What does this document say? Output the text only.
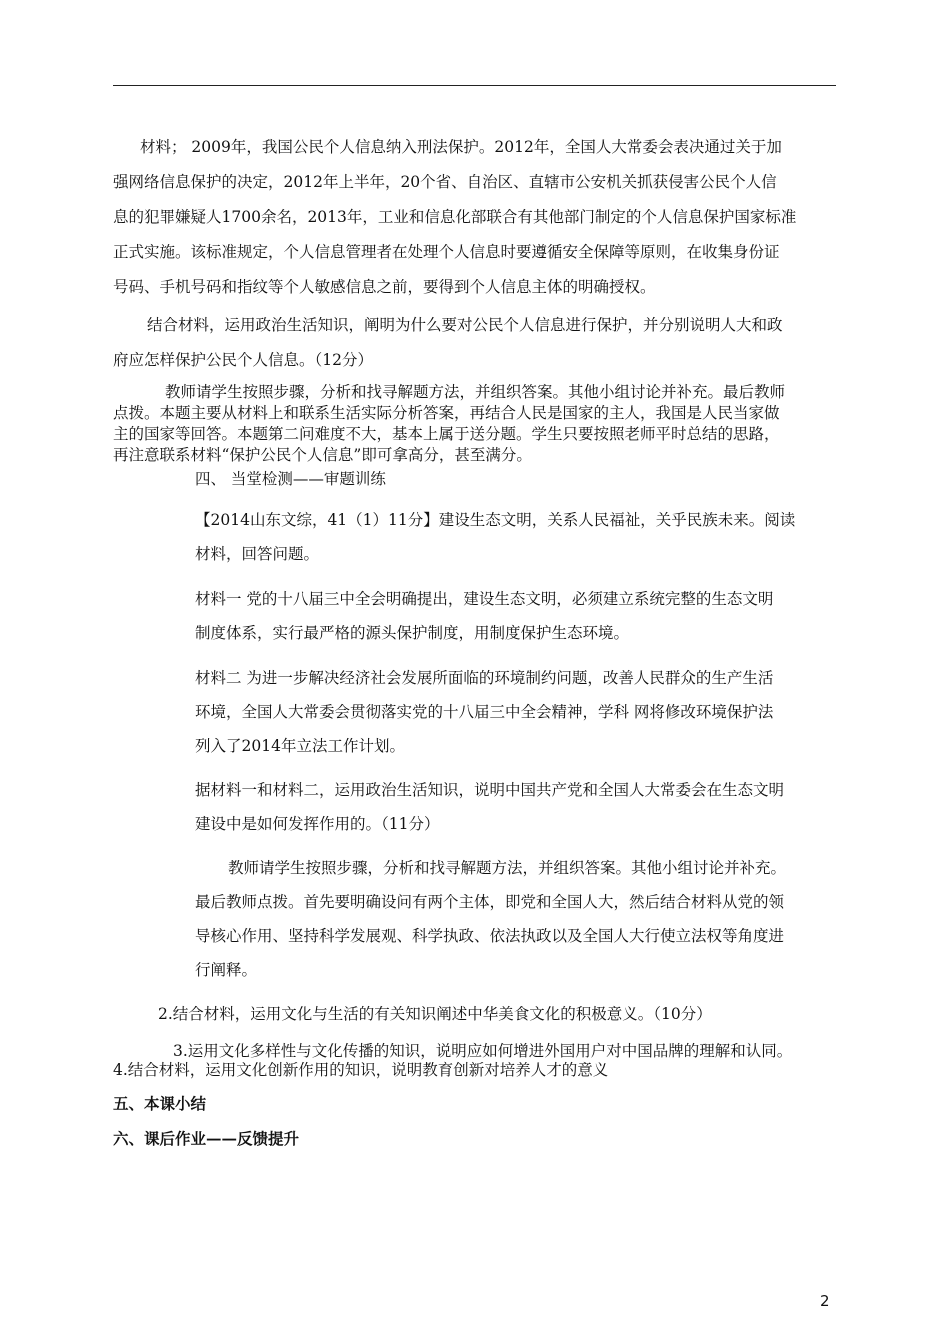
材料； 2009年，我国公民个人信息纳入刑法保护。2012年，全国人大常委会表决通过关于加
强网络信息保护的决定，2012年上半年，20个省、自治区、直辖市公安机关抓获侵害公民个人信
息的犯罪嫌疑人1700余名，2013年，工业和信息化部联合有其他部门制定的个人信息保护国家标准
正式实施。该标准规定，个人信息管理者在处理个人信息时要遵循安全保障等原则，在收集身份证
号码、手机号码和指纹等个人敏感信息之前，要得到个人信息主体的明确授权。
结合材料，运用政治生活知识，阐明为什么要对公民个人信息进行保护，并分别说明人大和政
府应怎样保护公民个人信息。（12分）
教师请学生按照步骤，分析和找寻解题方法，并组织答案。其他小组讨论并补充。最后教师
点拨。本题主要从材料上和联系生活实际分析答案，再结合人民是国家的主人，我国是人民当家做
主的国家等回答。本题第二问难度不大，基本上属于送分题。学生只要按照老师平时总结的思路，
再注意联系材料“保护公民个人信息”即可拿高分，甚至满分。
四、 当堂检测——审题训练
【2014山东文综，41（1）11分】建设生态文明，关系人民福祉，关乎民族未来。阅读
材料，回答问题。
材料一 党的十八届三中全会明确提出，建设生态文明，必须建立系统完整的生态文明
制度体系，实行最严格的源头保护制度，用制度保护生态环境。
材料二 为进一步解决经济社会发展所面临的环境制约问题，改善人民群众的生产生活
环境，全国人大常委会贯彻落实党的十八届三中全会精神，学科 网将修改环境保护法
列入了2014年立法工作计划。
据材料一和材料二，运用政治生活知识，说明中国共产党和全国人大常委会在生态文明
建设中是如何发挥作用的。（11分）
教师请学生按照步骤，分析和找寻解题方法，并组织答案。其他小组讨论并补充。
最后教师点拨。首先要明确设问有两个主体，即党和全国人大，然后结合材料从党的领
导核心作用、坚持科学发展观、科学执政、依法执政以及全国人大行使立法权等角度进
行阐释。
2.结合材料，运用文化与生活的有关知识阐述中华美食文化的积极意义。（10分）
3.运用文化多样性与文化传播的知识，说明应如何增进外国用户对中国品牌的理解和认同。
4.结合材料，运用文化创新作用的知识，说明教育创新对培养人才的意义
五、本课小结
六、课后作业——反馈提升
2
